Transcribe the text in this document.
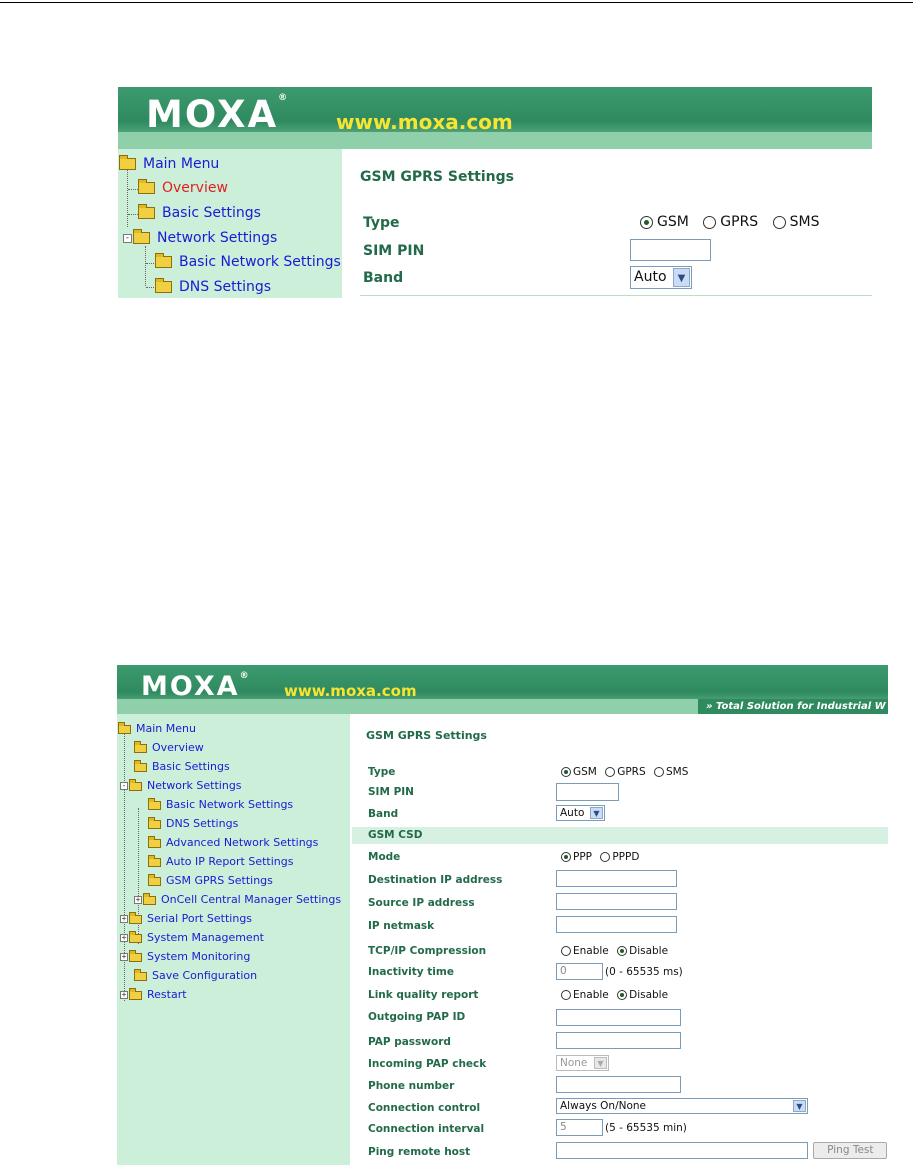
MOXA®
www.moxa.com
Main Menu
Overview
Basic Settings
- Network Settings
Basic Network Settings
DNS Settings
GSM GPRS Settings
Type	GSM GPRS SMS
SIM PIN
Band	Auto	▼
MOXA®
www.moxa.com
» Total Solution for Industrial W
Main Menu
Overview
Basic Settings
- Network Settings
Basic Network Settings
DNS Settings
Advanced Network Settings
Auto IP Report Settings
GSM GPRS Settings
+ OnCell Central Manager Settings
+ Serial Port Settings
+ System Management
+ System Monitoring
Save Configuration
+ Restart
GSM GPRS Settings
Type	GSM GPRS SMS
SIM PIN
Band	Auto	▼
GSM CSD
Mode	PPP PPPD
Destination IP address
Source IP address
IP netmask
TCP/IP Compression	Enable Disable
Inactivity time	0	(0 - 65535 ms)
Link quality report	Enable Disable
Outgoing PAP ID
PAP password
Incoming PAP check	None	▼
Phone number
Connection control	Always On/None	▼
Connection interval	5	(5 - 65535 min)
Ping remote host	Ping Test
